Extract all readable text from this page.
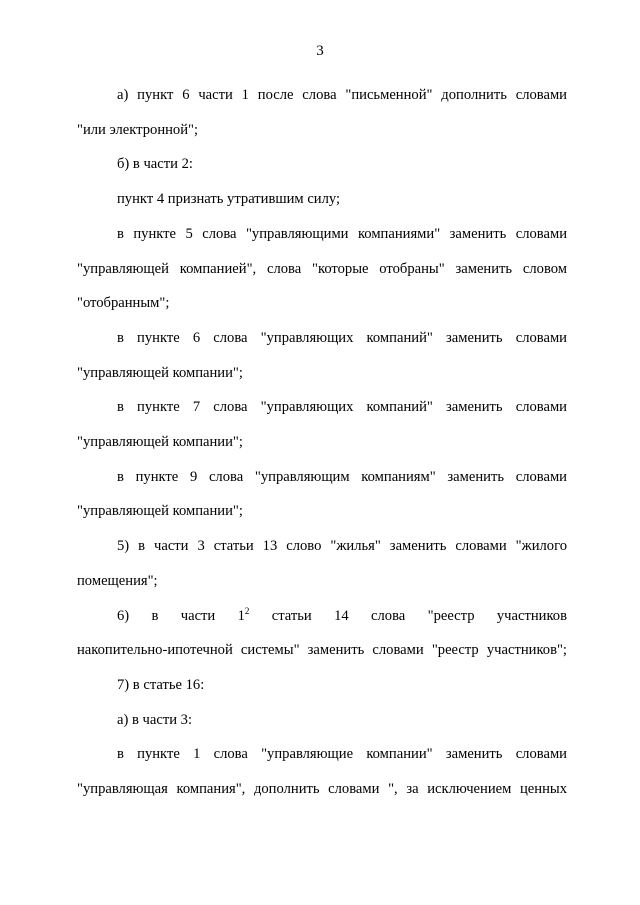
3
а) пункт 6 части 1 после слова "письменной" дополнить словами
"или электронной";
б) в части 2:
пункт 4 признать утратившим силу;
в пункте 5 слова "управляющими компаниями" заменить словами
"управляющей компанией", слова "которые отобраны" заменить словом
"отобранным";
в пункте 6 слова "управляющих компаний" заменить словами
"управляющей компании";
в пункте 7 слова "управляющих компаний" заменить словами
"управляющей компании";
в пункте 9 слова "управляющим компаниям" заменить словами
"управляющей компании";
5) в части 3 статьи 13 слово "жилья" заменить словами "жилого
помещения";
6) в части $1^2$ статьи 14 слова "реестр участников
накопительно-ипотечной системы" заменить словами "реестр участников";
7) в статье 16:
а) в части 3:
в пункте 1 слова "управляющие компании" заменить словами
"управляющая компания", дополнить словами ", за исключением ценных
